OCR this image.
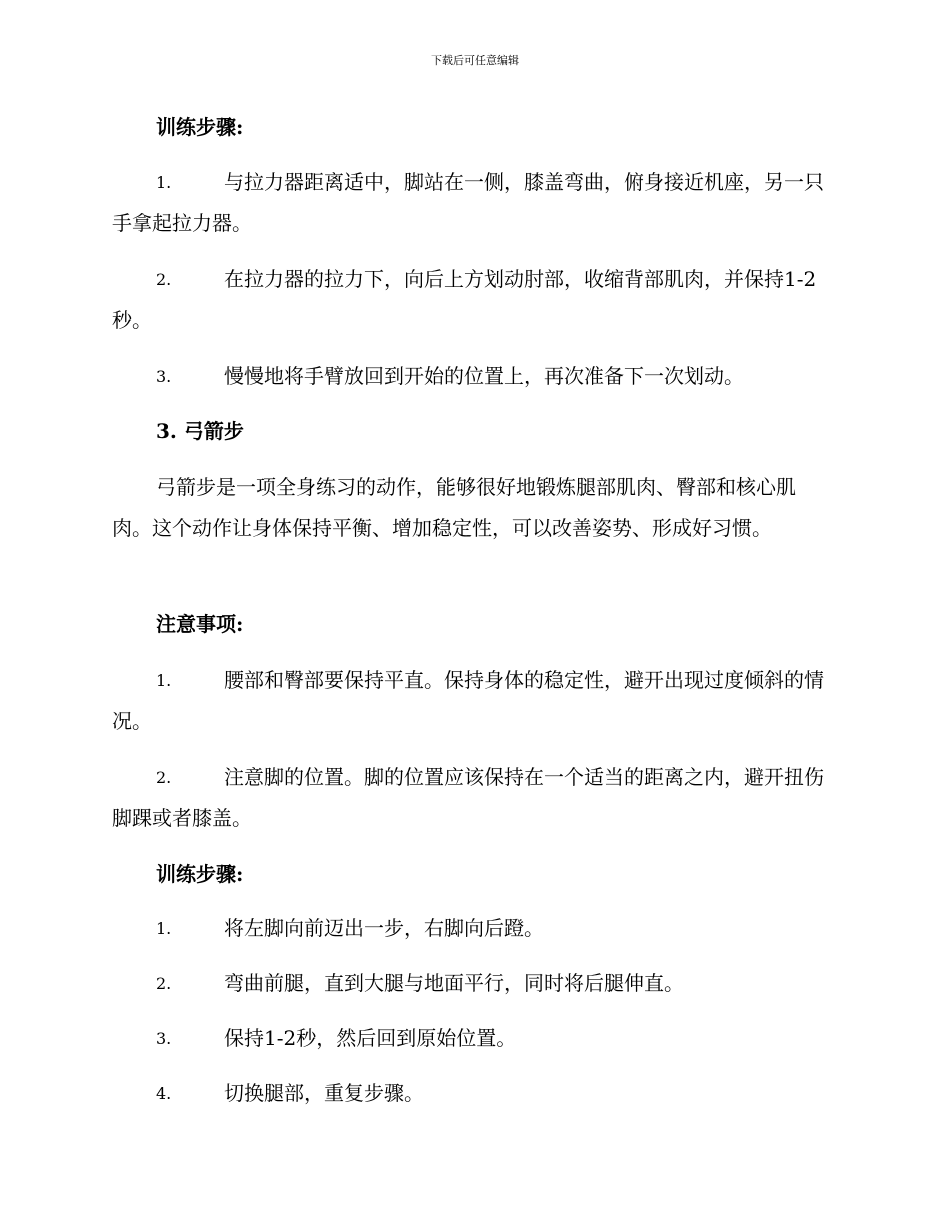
下载后可任意编辑
训练步骤:
1.	与拉力器距离适中，脚站在一侧，膝盖弯曲，俯身接近机座，另一只手拿起拉力器。
2.	在拉力器的拉力下，向后上方划动肘部，收缩背部肌肉，并保持1-2秒。
3.	慢慢地将手臂放回到开始的位置上，再次准备下一次划动。
3. 弓箭步
弓箭步是一项全身练习的动作，能够很好地锻炼腿部肌肉、臀部和核心肌肉。这个动作让身体保持平衡、增加稳定性，可以改善姿势、形成好习惯。
注意事项:
1.	腰部和臀部要保持平直。保持身体的稳定性，避开出现过度倾斜的情况。
2.	注意脚的位置。脚的位置应该保持在一个适当的距离之内，避开扭伤脚踝或者膝盖。
训练步骤:
1.	将左脚向前迈出一步，右脚向后蹬。
2.	弯曲前腿，直到大腿与地面平行，同时将后腿伸直。
3.	保持1-2秒，然后回到原始位置。
4.	切换腿部，重复步骤。
